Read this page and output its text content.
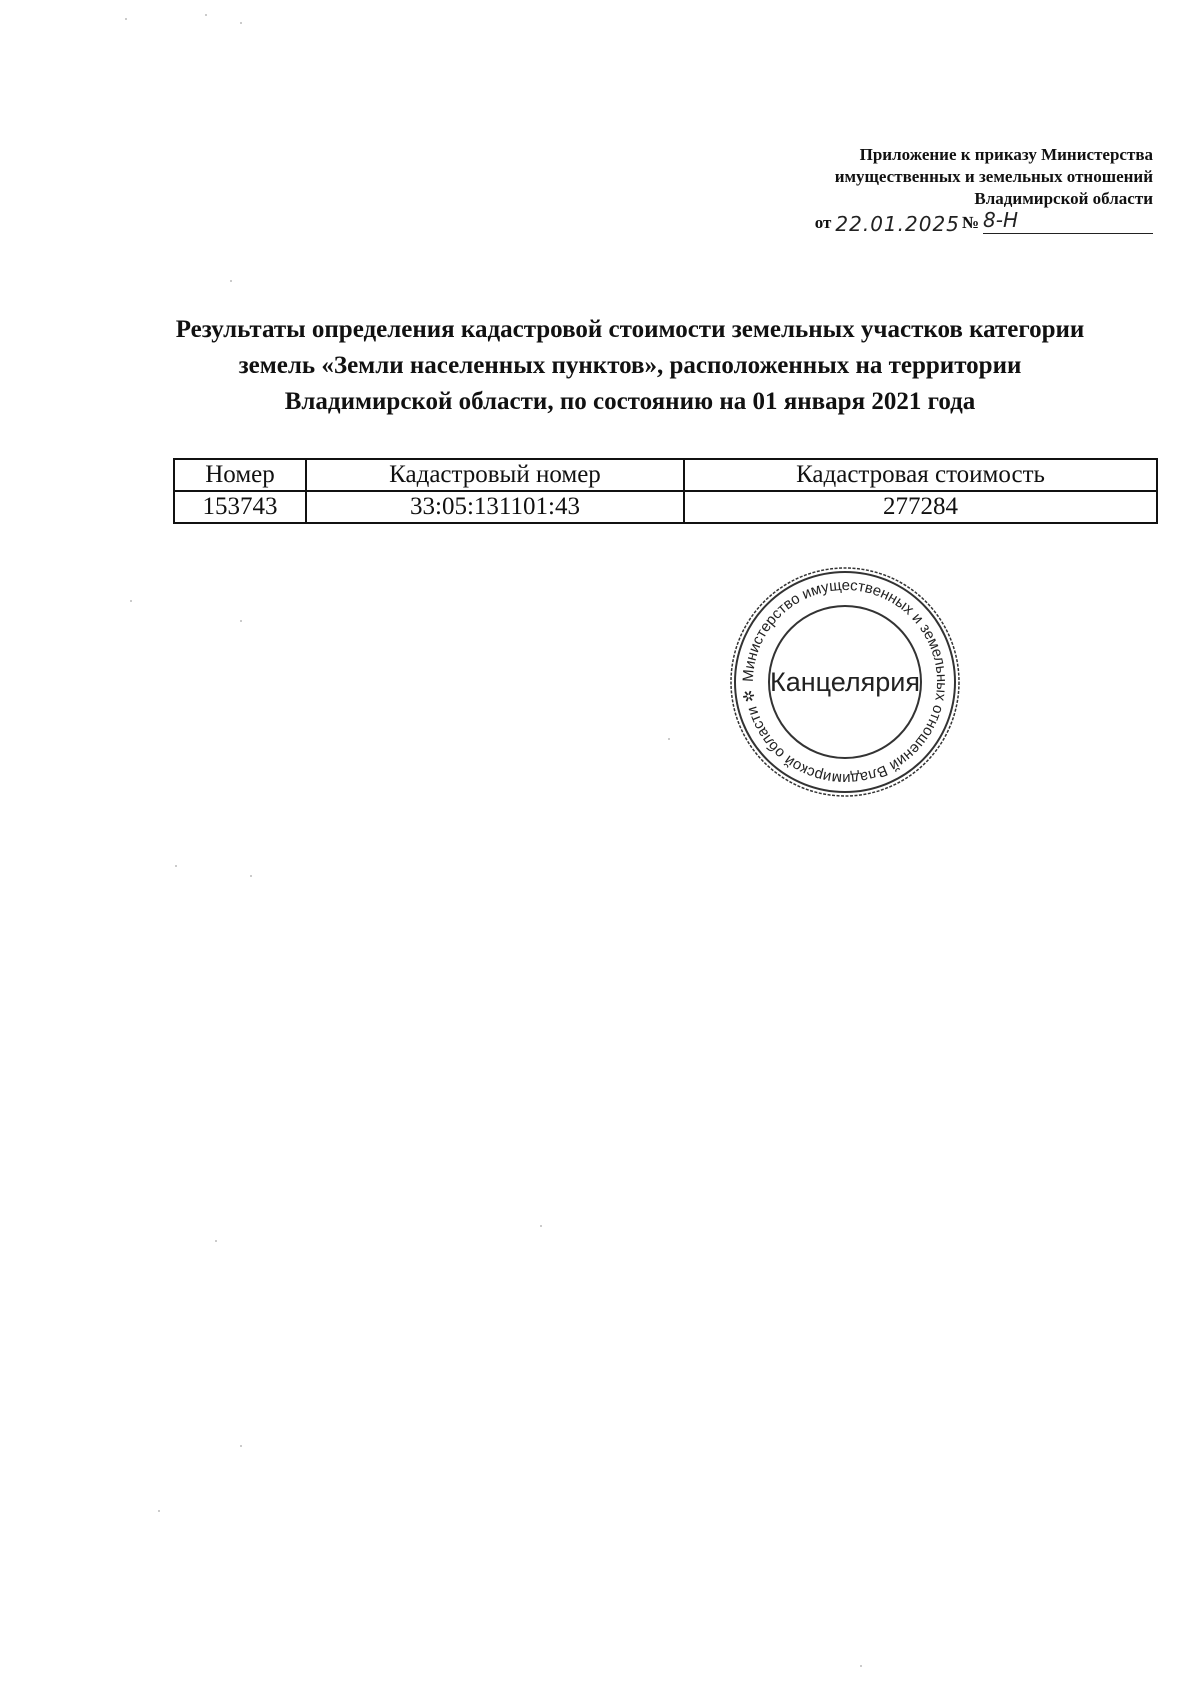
Приложение к приказу Министерства
имущественных и земельных отношений
Владимирской области
от 22.01.2025 № 8-Н
Результаты определения кадастровой стоимости земельных участков категории
земель «Земли населенных пунктов», расположенных на территории
Владимирской области, по состоянию на 01 января 2021 года
Номер	Кадастровый номер	Кадастровая стоимость
153743	33:05:131101:43	277284
Министерство имущественных и земельных отношений Владимирской области ✲ Канцелярия
